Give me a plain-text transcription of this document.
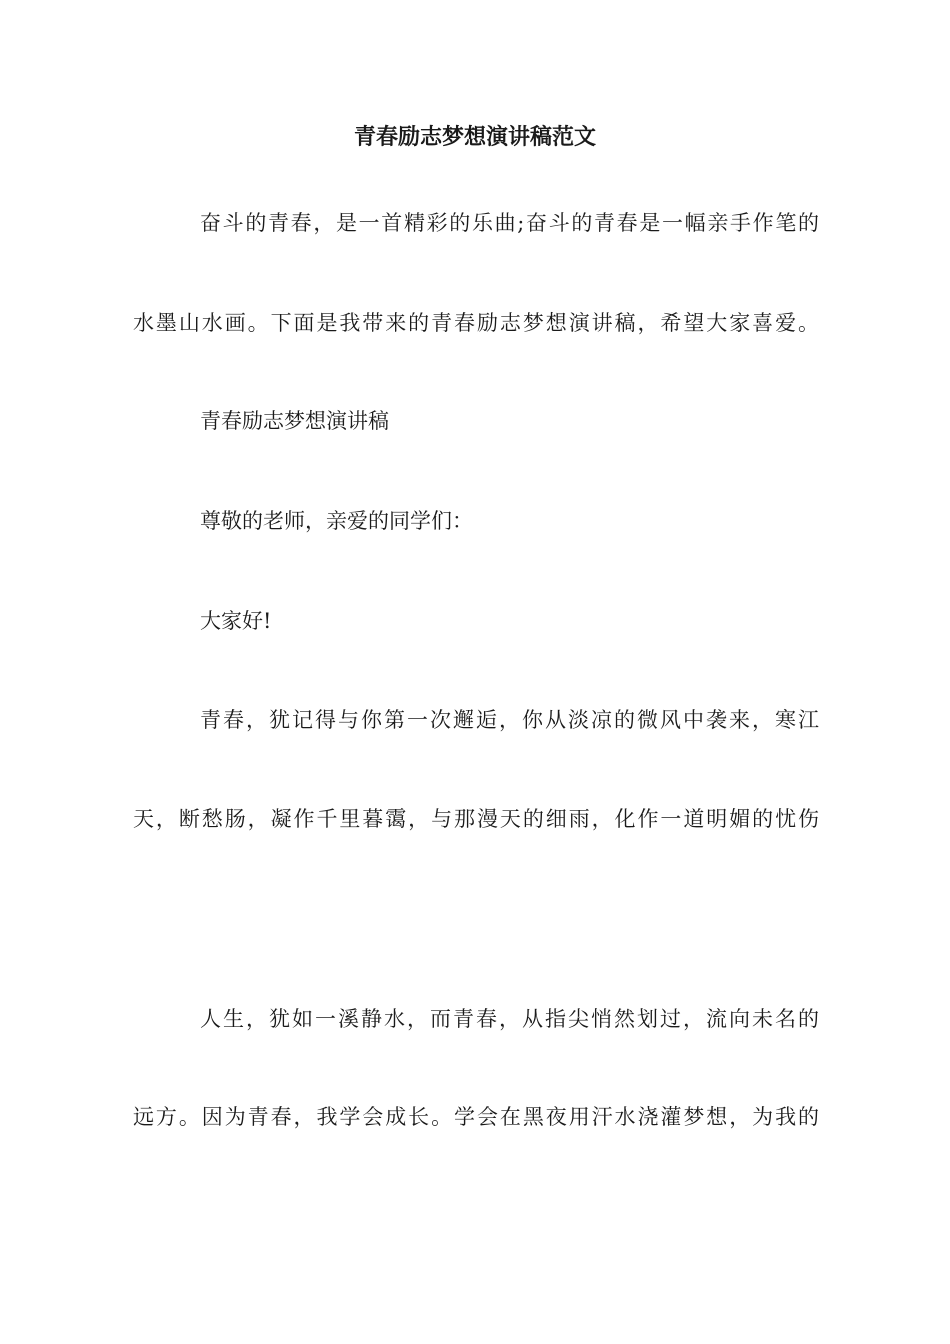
青春励志梦想演讲稿范文
奋斗的青春，是一首精彩的乐曲;奋斗的青春是一幅亲手作笔的
水墨山水画。下面是我带来的青春励志梦想演讲稿，希望大家喜爱。
青春励志梦想演讲稿
尊敬的老师，亲爱的同学们：
大家好!
青春，犹记得与你第一次邂逅，你从淡凉的微风中袭来，寒江
天，断愁肠，凝作千里暮霭，与那漫天的细雨，化作一道明媚的忧伤
人生，犹如一溪静水，而青春，从指尖悄然划过，流向未名的
远方。因为青春，我学会成长。学会在黑夜用汗水浇灌梦想，为我的
